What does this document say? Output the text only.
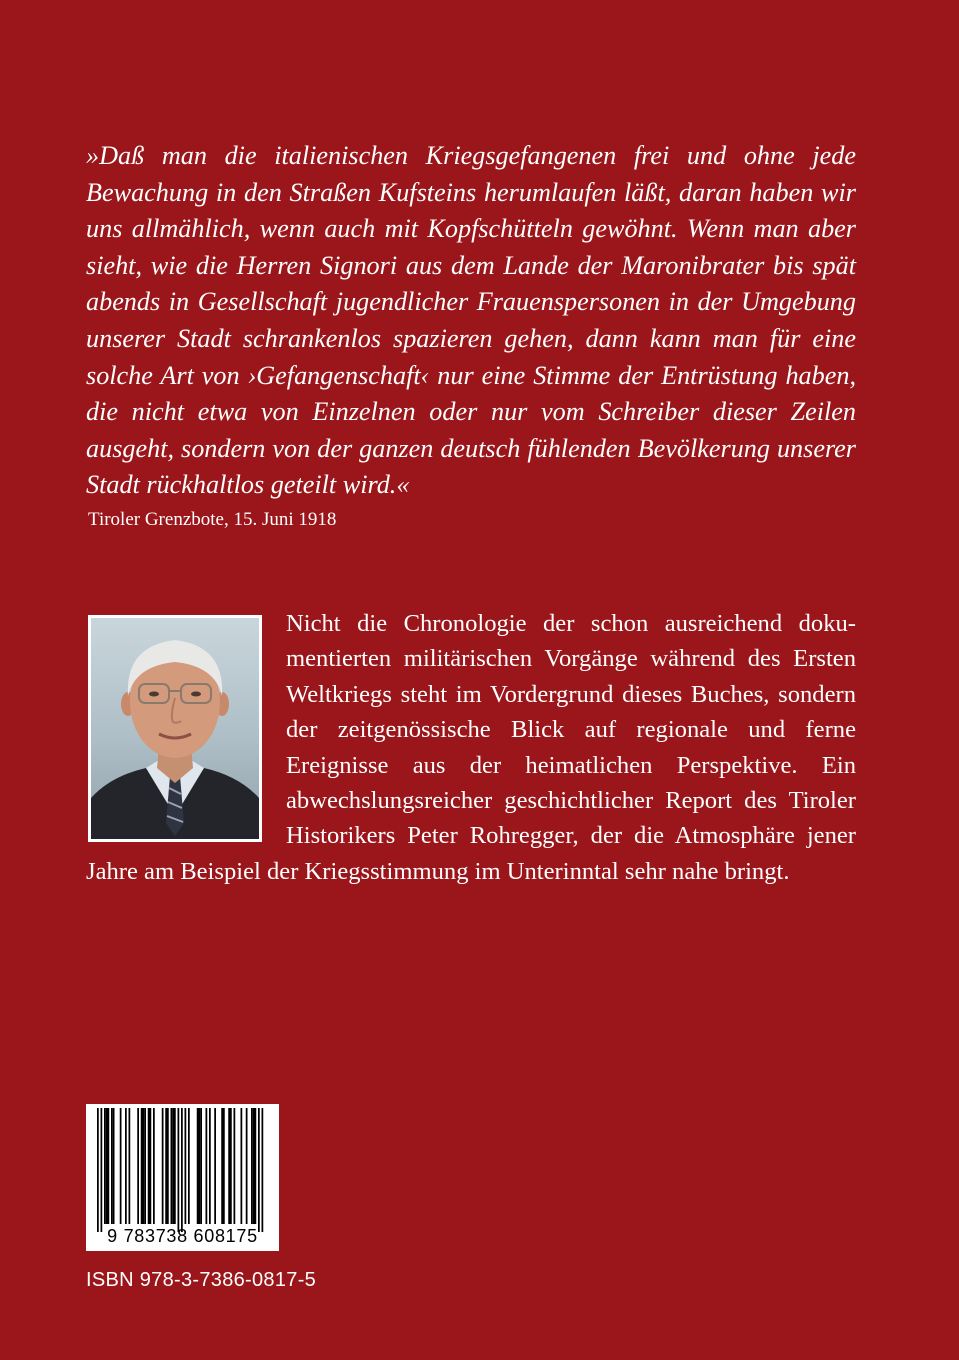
»Daß man die italienischen Kriegsgefangenen frei und ohne jede Bewachung in den Straßen Kufsteins herumlaufen läßt, daran haben wir uns allmählich, wenn auch mit Kopfschütteln gewöhnt. Wenn man aber sieht, wie die Herren Signori aus dem Lande der Maronibrater bis spät abends in Gesellschaft jugendlicher Frauenspersonen in der Umgebung unserer Stadt schrankenlos spazieren gehen, dann kann man für eine solche Art von ›Gefangenschaft‹ nur eine Stimme der Entrüstung haben, die nicht etwa von Einzelnen oder nur vom Schreiber dieser Zeilen ausgeht, sondern von der ganzen deutsch fühlenden Bevölkerung unserer Stadt rückhaltlos geteilt wird.«

Tiroler Grenzbote, 15. Juni 1918

Nicht die Chronologie der schon ausreichend dokumentierten militärischen Vorgänge während des Ersten Weltkriegs steht im Vordergrund dieses Buches, sondern der zeitgenössische Blick auf regionale und ferne Ereignisse aus der heimatlichen Perspektive. Ein abwechslungsreicher geschichtlicher Report des Tiroler Historikers Peter Rohregger, der die Atmosphäre jener Jahre am Beispiel der Kriegsstimmung im Unterinntal sehr nahe bringt.

9 783738 608175

ISBN 978-3-7386-0817-5
